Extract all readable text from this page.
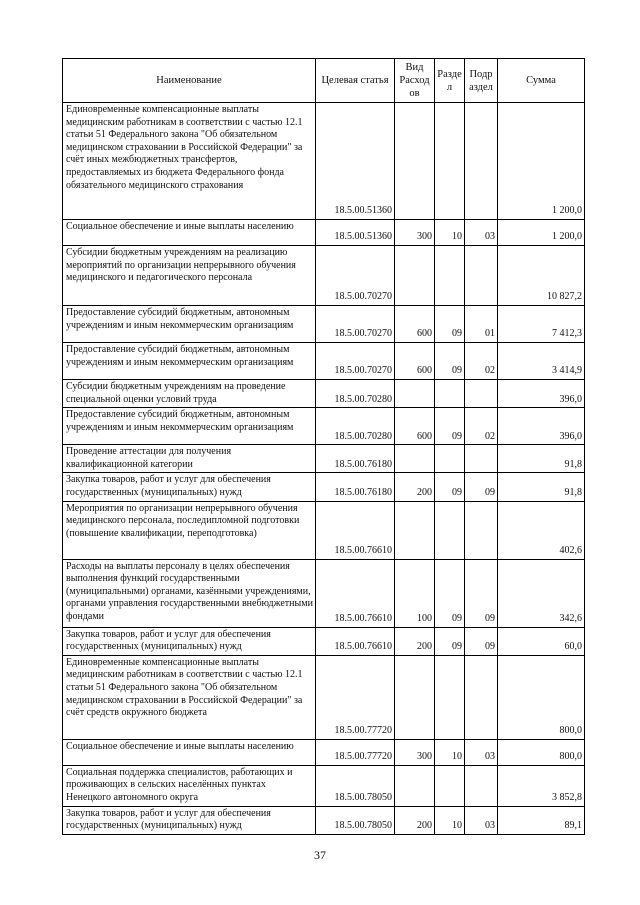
Наименование	Целевая статья	Вид Расход ов	Разде л	Подр аздел	Сумма
Единовременные компенсационные выплаты медицинским работникам в соответствии с частью 12.1 статьи 51 Федерального закона "Об обязательном медицинском страховании в Российской Федерации" за счёт иных межбюджетных трансфертов, предоставляемых из бюджета Федерального фонда обязательного медицинского страхования	18.5.00.51360				1 200,0
Социальное обеспечение и иные выплаты населению	18.5.00.51360	300	10	03	1 200,0
Субсидии бюджетным учреждениям на реализацию мероприятий по организации непрерывного обучения медицинского и педагогического персонала	18.5.00.70270				10 827,2
Предоставление субсидий бюджетным, автономным учреждениям и иным некоммерческим организациям	18.5.00.70270	600	09	01	7 412,3
Предоставление субсидий бюджетным, автономным учреждениям и иным некоммерческим организациям	18.5.00.70270	600	09	02	3 414,9
Субсидии бюджетным учреждениям на проведение специальной оценки условий труда	18.5.00.70280				396,0
Предоставление субсидий бюджетным, автономным учреждениям и иным некоммерческим организациям	18.5.00.70280	600	09	02	396,0
Проведение аттестации для получения квалификационной категории	18.5.00.76180				91,8
Закупка товаров, работ и услуг для обеспечения государственных (муниципальных) нужд	18.5.00.76180	200	09	09	91,8
Мероприятия по организации непрерывного обучения медицинского персонала, последипломной подготовки (повышение квалификации, переподготовка)	18.5.00.76610				402,6
Расходы на выплаты персоналу в целях обеспечения выполнения функций государственными (муниципальными) органами, казёнными учреждениями, органами управления государственными внебюджетными фондами	18.5.00.76610	100	09	09	342,6
Закупка товаров, работ и услуг для обеспечения государственных (муниципальных) нужд	18.5.00.76610	200	09	09	60,0
Единовременные компенсационные выплаты медицинским работникам в соответствии с частью 12.1 статьи 51 Федерального закона "Об обязательном медицинском страховании в Российской Федерации" за счёт средств окружного бюджета	18.5.00.77720				800,0
Социальное обеспечение и иные выплаты населению	18.5.00.77720	300	10	03	800,0
Социальная поддержка специалистов, работающих и проживающих в сельских населённых пунктах Ненецкого автономного округа	18.5.00.78050				3 852,8
Закупка товаров, работ и услуг для обеспечения государственных (муниципальных) нужд	18.5.00.78050	200	10	03	89,1
37
